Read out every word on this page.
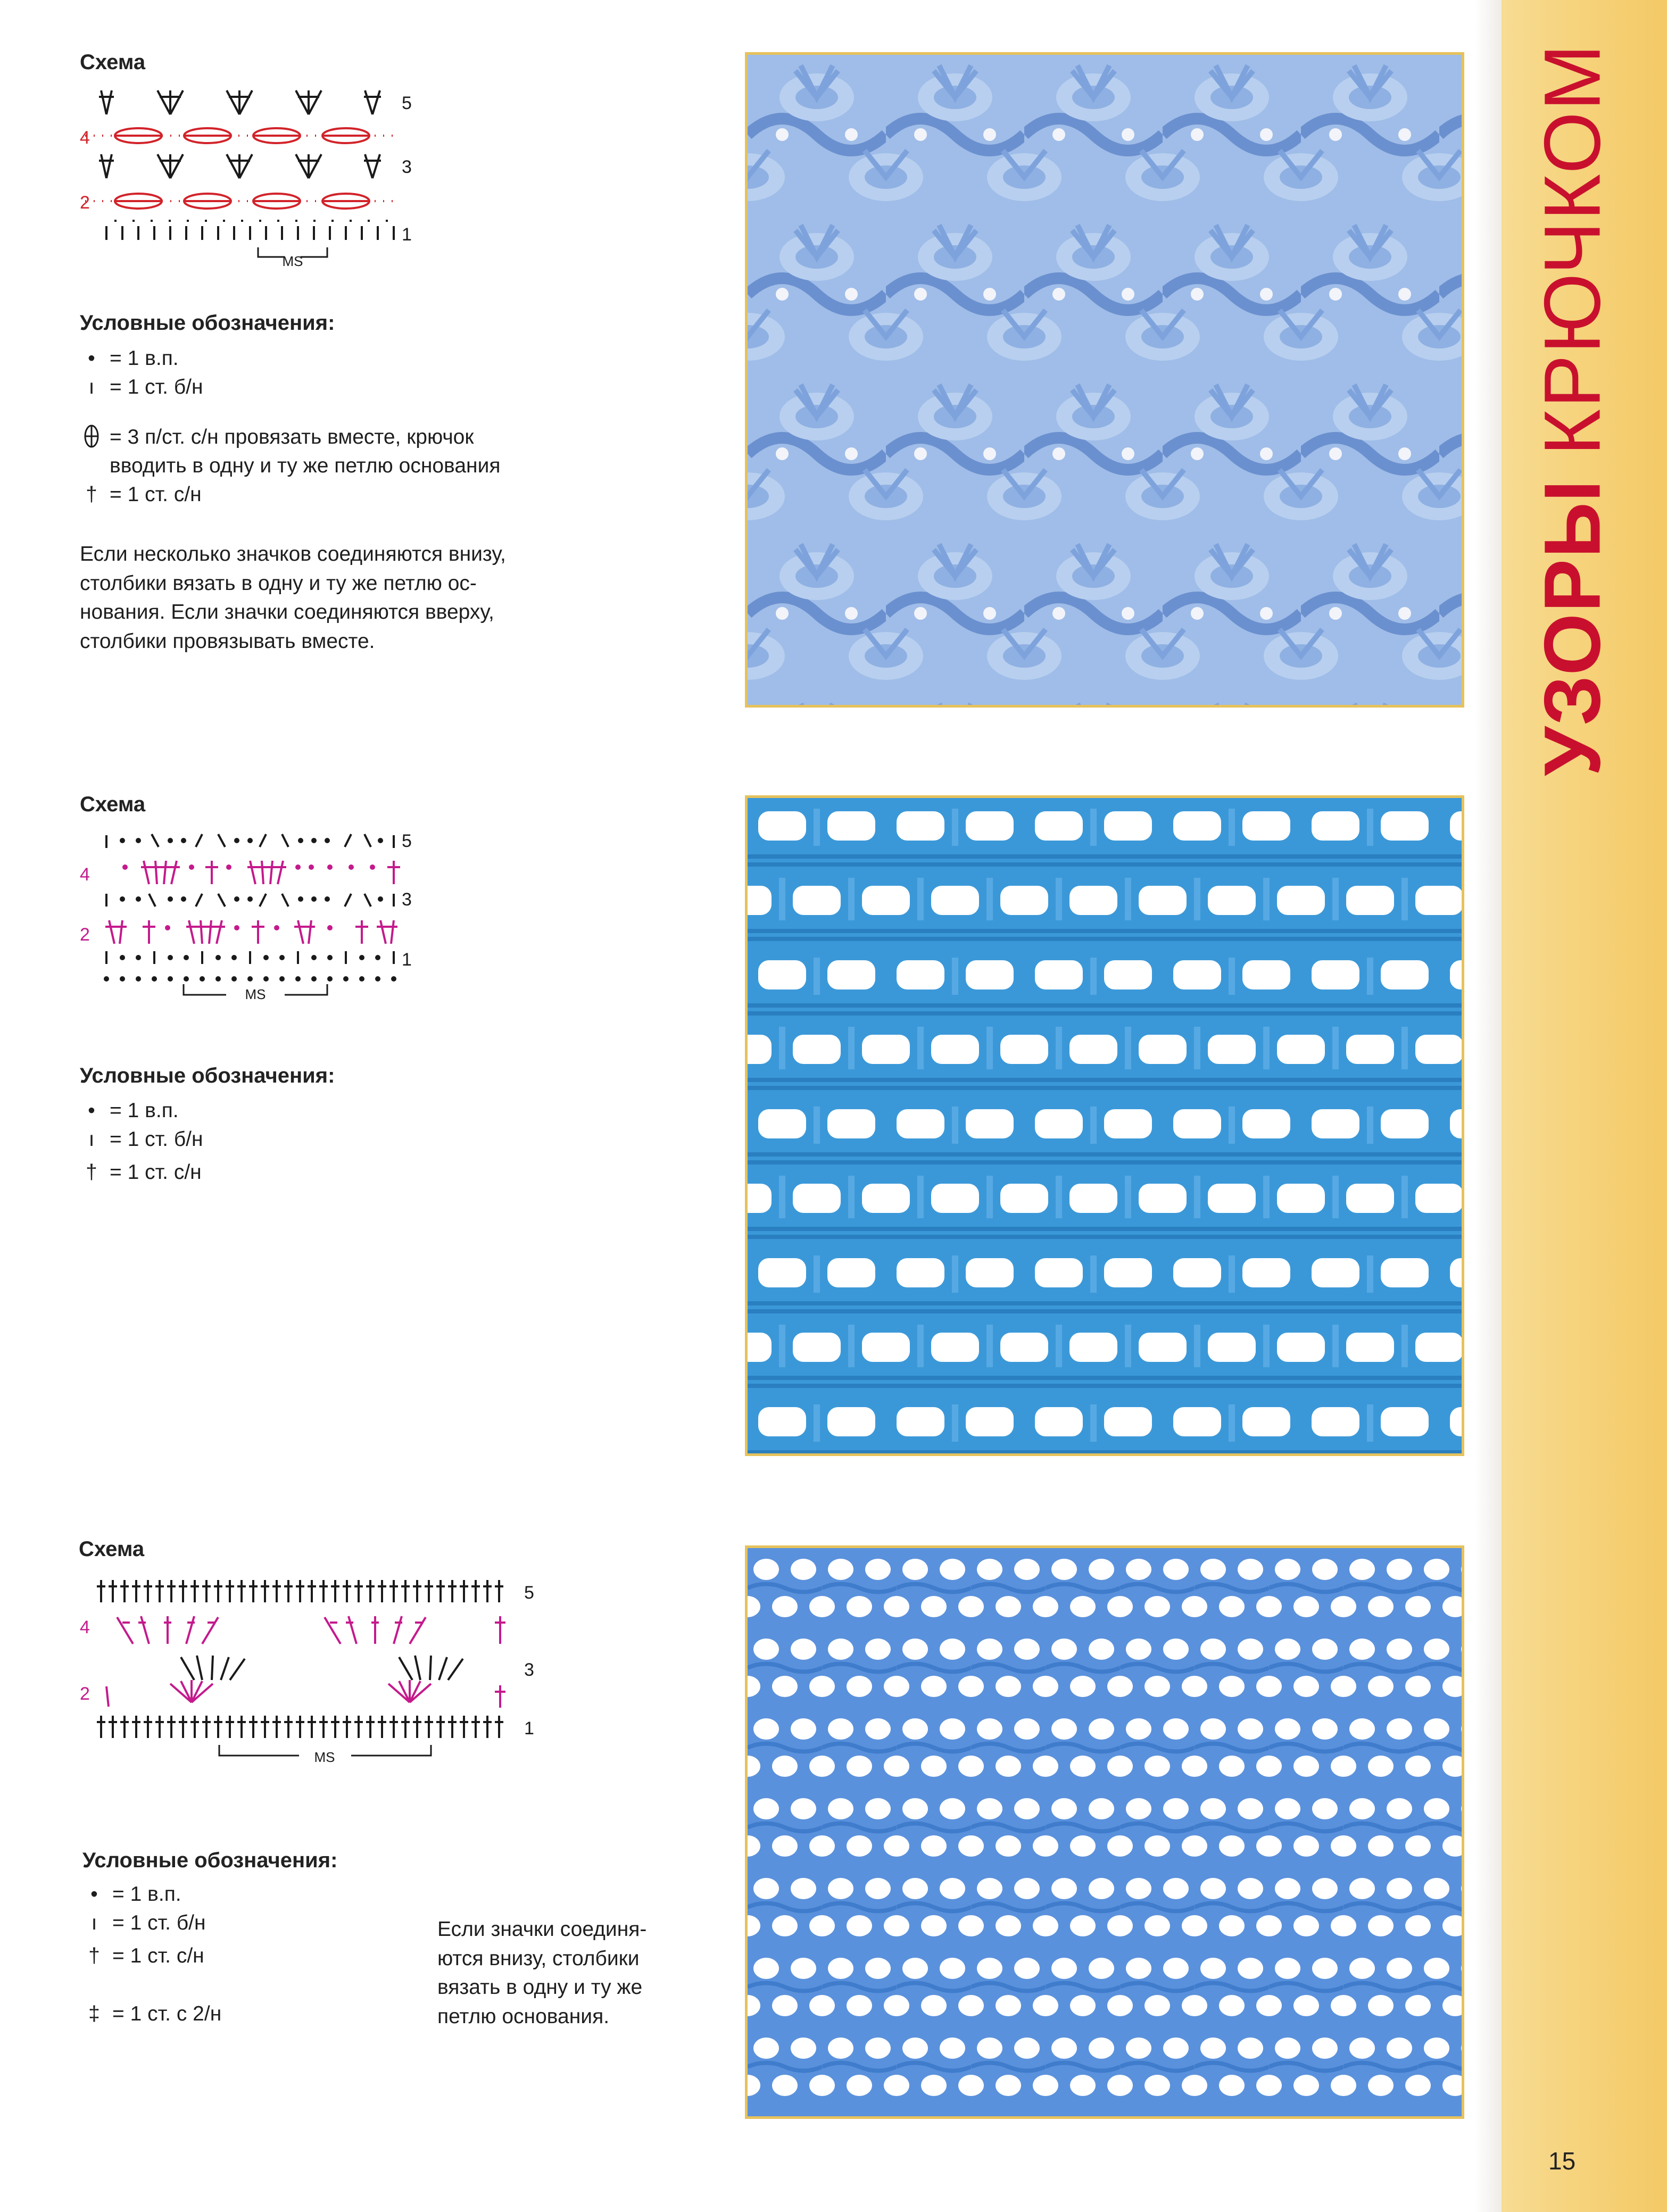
УЗОРЫ КРЮЧКОМ
15
Схема
5
4
3
2
1
MS
Условные обозначения:
• = 1 в.п.
ı = 1 ст. б/н
= 3 п/ст. с/н провязать вместе, крючок
вводить в одну и ту же петлю основания
† = 1 ст. с/н
Если несколько значков соединяются внизу,
столбики вязать в одну и ту же петлю ос-
нования. Если значки соединяются вверху,
столбики провязывать вместе.
Схема
5
4
3
2
1
MS
Условные обозначения:
• = 1 в.п.
ı = 1 ст. б/н
† = 1 ст. с/н
Схема
5
4
3
2
1
MS
Условные обозначения:
• = 1 в.п.
ı = 1 ст. б/н
† = 1 ст. с/н
‡ = 1 ст. с 2/н
Если значки соединя-
ются внизу, столбики
вязать в одну и ту же
петлю основания.
